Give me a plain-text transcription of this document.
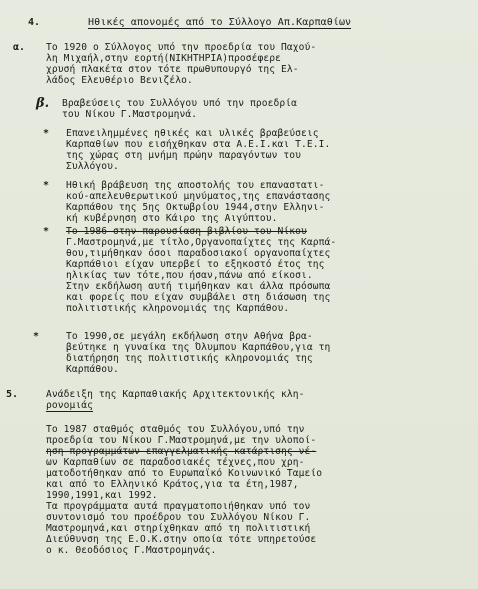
4.	Ηθικές απονομές από το Σύλλογο Απ.Καρπαθίων
α. Το 1920 ο Σύλλογος υπό την προεδρία του Παχού-
λη Μιχαήλ,στην εορτή(ΝΙΚΗΤΗΡΙΑ)προσέφερε
χρυσή πλακέτα στον τότε πρωθυπουργό της Ελ-
λάδος Ελευθέριο Βενιζέλο.
β. Βραβεύσεις του Συλλόγου υπό την προεδρία
του Νίκου Γ.Μαστρομηνά.
* Επανειλημμένες ηθικές και υλικές βραβεύσεις
Καρπαθίων που εισήχθηκαν στα Α.Ε.Ι.και Τ.Ε.Ι.
της χώρας στη μνήμη πρώην παραγόντων του
Συλλόγου.
* Ηθική βράβευση της αποστολής του επαναστατι-
κού-απελευθερωτικού μηνύματος,της επανάστασης
Καρπάθου της 5ης Οκτωβρίου 1944,στην Ελληνι-
κή κυβέρνηση στο Κάιρο της Αιγύπτου.
* Το 1986 στην παρουσίαση βιβλίου του Νίκου
Γ.Μαστρομηνά,με τίτλο,Οργανοπαίχτες της Καρπά-
θου,τιμήθηκαν όσοι παραδοσιακοί οργανοπαίχτες
Καρπάθιοι είχαν υπερβεί το εξηκοστό έτος της
ηλικίας των τότε,που ήσαν,πάνω από είκοσι.
Στην εκδήλωση αυτή τιμήθηκαν και άλλα πρόσωπα
και φορείς που είχαν συμβάλει στη διάσωση της
πολιτιστικής κληρονομιάς της Καρπάθου.
*	Το 1990,σε μεγάλη εκδήλωση στην Αθήνα βρα-
βεύτηκε η γυναίκα της Όλυμπου Καρπάθου,για τη
διατήρηση της πολιτιστικής κληρονομιάς της
Καρπάθου.
5.	Ανάδειξη της Καρπαθιακής Αρχιτεκτονικής κλη-
ρονομιάς
Το 1987 σταθμός σταθμός του Συλλόγου,υπό την
προεδρία του Νίκου Γ.Μαστρομηνά,με την υλοποί-
ηση προγραμμάτων επαγγελματικής κατάρτισης νέ-
ων Καρπαθίων σε παραδοσιακές τέχνες,που χρη-
ματοδοτήθηκαν από το Ευρωπαϊκό Κοινωνικό Ταμείο
και από το Ελληνικό Κράτος,για τα έτη,1987,
1990,1991,και 1992.
Τα προγράμματα αυτά πραγματοποιήθηκαν υπό τον
συντονισμό του προέδρου του Συλλόγου Νίκου Γ.
Μαστρομηνά,και στηρίχθηκαν από τη πολιτιστική
Διεύθυνση της Ε.Ο.Κ.στην οποία τότε υπηρετούσε
ο κ. Θεοδόσιος Γ.Μαστρομηνάς.
